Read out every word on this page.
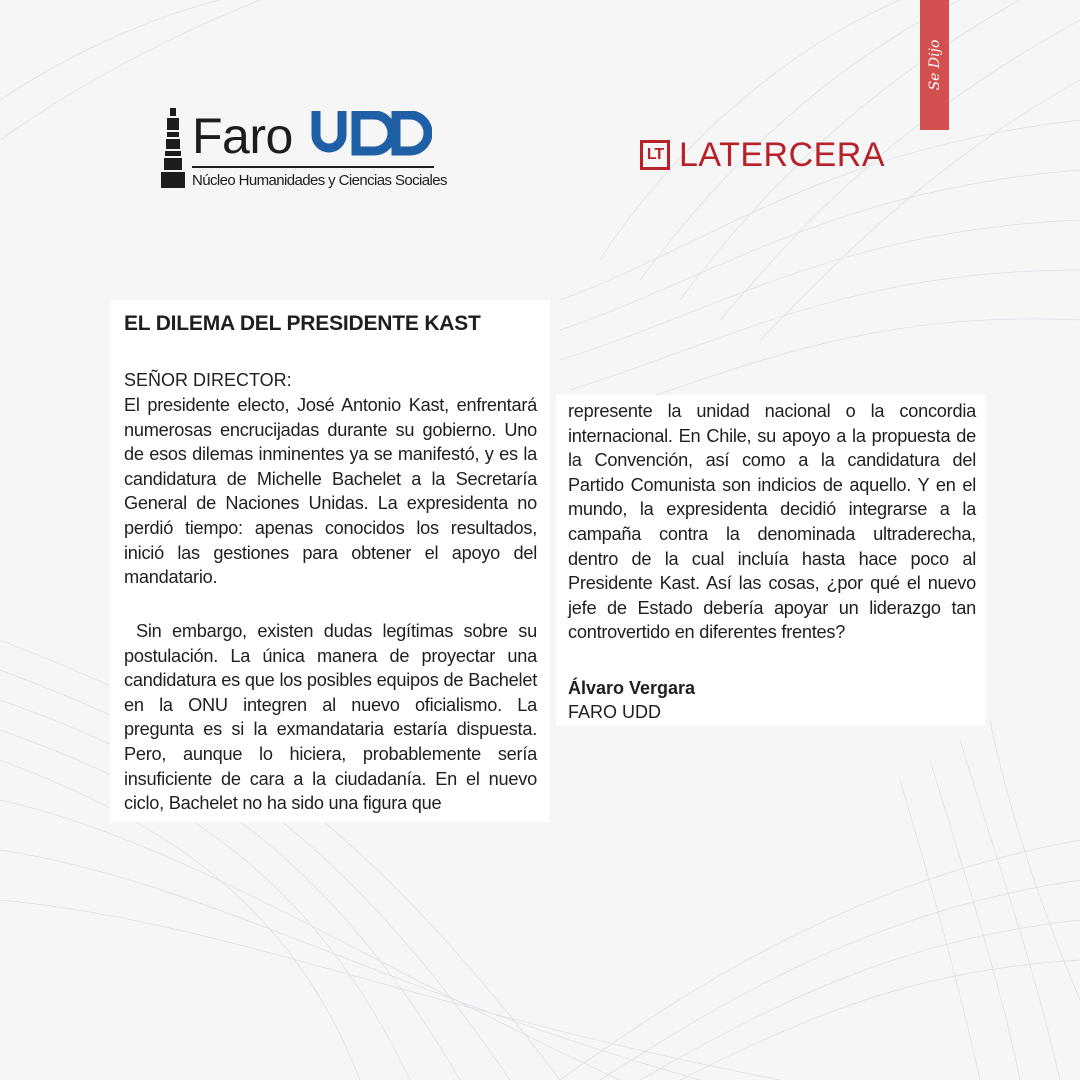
Se Dijo
Faro	UDD
Núcleo Humanidades y Ciencias Sociales
LT LATERCERA
EL DILEMA DEL PRESIDENTE KAST
SEÑOR DIRECTOR:

El presidente electo, José Antonio Kast, enfrentará numerosas encrucijadas durante su gobierno. Uno de esos dilemas inminentes ya se manifestó, y es la candidatura de Michelle Bachelet a la Secretaría General de Naciones Unidas. La expresidenta no perdió tiempo: apenas conocidos los resultados, inició las gestiones para obtener el apoyo del mandatario.

Sin embargo, existen dudas legítimas sobre su postulación. La única manera de proyectar una candidatura es que los posibles equipos de Bachelet en la ONU integren al nuevo oficialismo. La pregunta es si la exmandataria estaría dispuesta. Pero, aunque lo hiciera, probablemente sería insuficiente de cara a la ciudadanía. En el nuevo ciclo, Bachelet no ha sido una figura que

represente la unidad nacional o la concordia internacional. En Chile, su apoyo a la propuesta de la Convención, así como a la candidatura del Partido Comunista son indicios de aquello. Y en el mundo, la expresidenta decidió integrarse a la campaña contra la denominada ultraderecha, dentro de la cual incluía hasta hace poco al Presidente Kast. Así las cosas, ¿por qué el nuevo jefe de Estado debería apoyar un liderazgo tan controvertido en diferentes frentes?

Álvaro Vergara
FARO UDD
